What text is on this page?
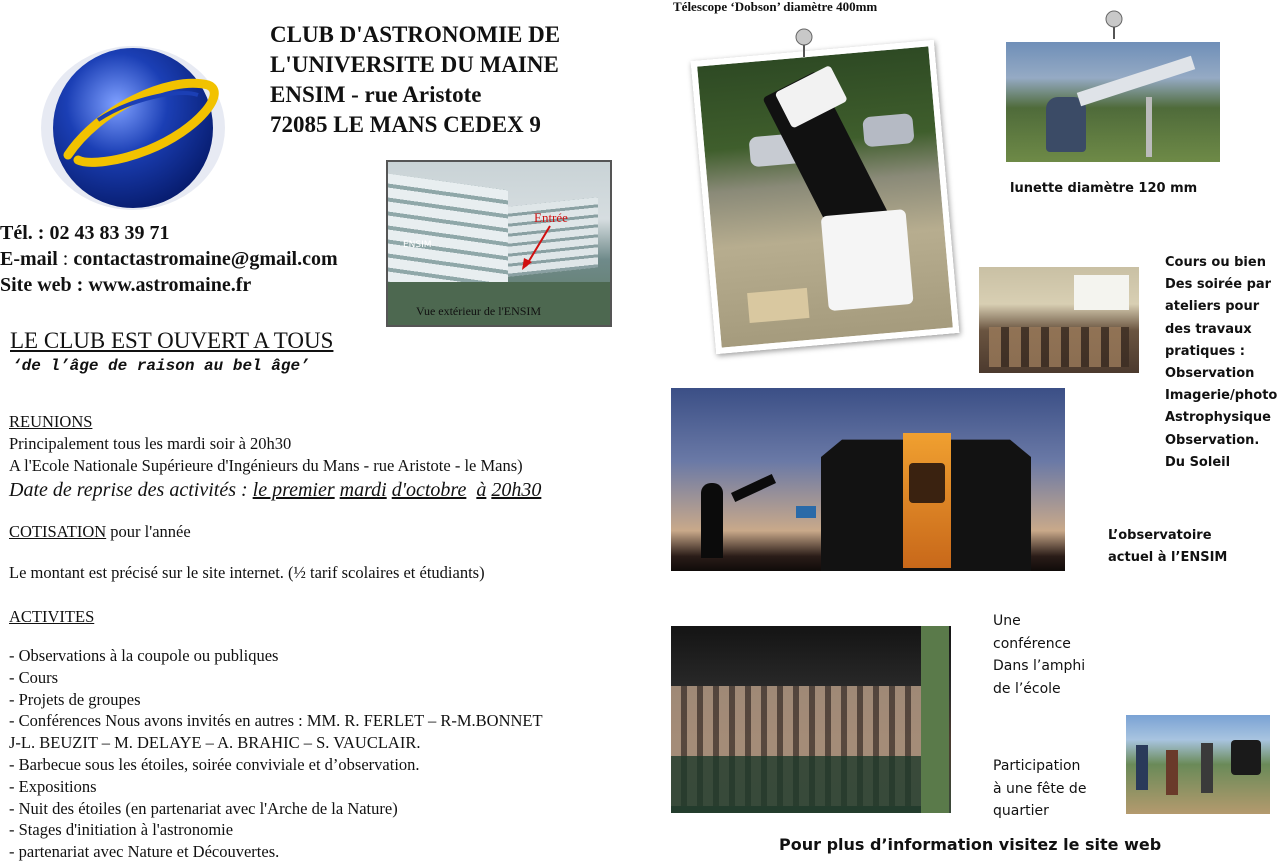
CLUB D'ASTRONOMIE DE
L'UNIVERSITE DU MAINE
ENSIM - rue Aristote
72085 LE MANS CEDEX 9
ENSIM
Entrée
Vue extérieur de l'ENSIM
Tél. : 02 43 83 39 71
E-mail : contactastromaine@gmail.com
Site web : www.astromaine.fr
LE CLUB EST OUVERT A TOUS
‘de l’âge de raison au bel âge’
REUNIONS
Principalement tous les mardi soir à 20h30
A l'Ecole Nationale Supérieure d'Ingénieurs du Mans - rue Aristote - le Mans)
Date de reprise des activités : le premier mardi d'octobre à 20h30
COTISATION pour l'année
Le montant est précisé sur le site internet. (½ tarif scolaires et étudiants)
ACTIVITES
- Observations à la coupole ou publiques
- Cours
- Projets de groupes
- Conférences Nous avons invités en autres : MM. R. FERLET – R-M.BONNET
J-L. BEUZIT – M. DELAYE – A. BRAHIC – S. VAUCLAIR.
- Barbecue sous les étoiles, soirée conviviale et d’observation.
- Expositions
- Nuit des étoiles (en partenariat avec l'Arche de la Nature)
- Stages d'initiation à l'astronomie
- partenariat avec Nature et Découvertes.
Télescope ‘Dobson’ diamètre 400mm
lunette diamètre 120 mm
Cours ou bien
Des soirée par
ateliers pour
des travaux
pratiques :
Observation
Imagerie/photo
Astrophysique
Observation.
Du Soleil
L’observatoire
actuel à l’ENSIM
Une
conférence
Dans l’amphi
de l’école
Participation
à une fête de
quartier
Pour plus d’information visitez le site web
